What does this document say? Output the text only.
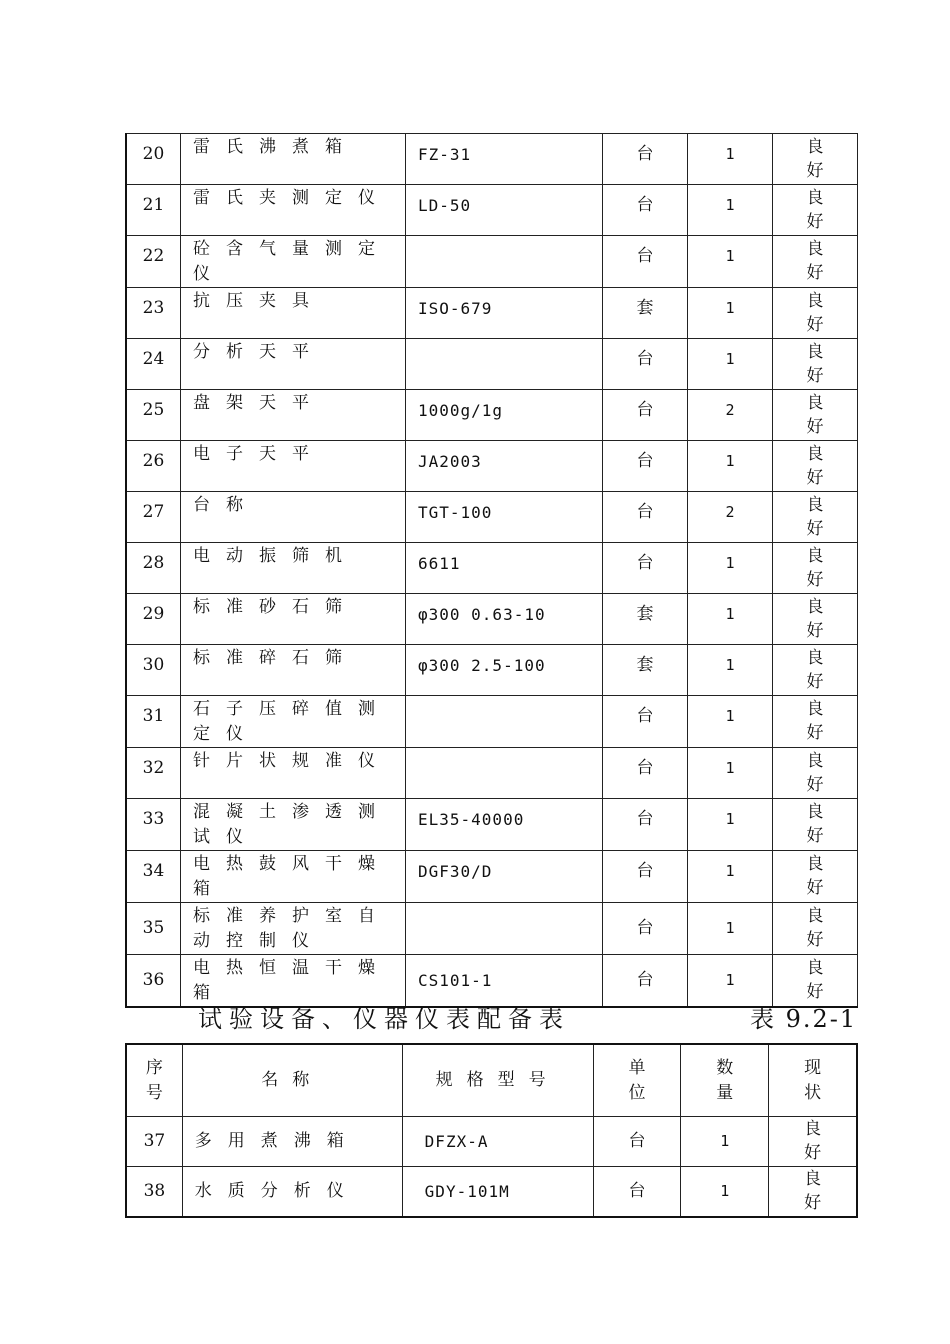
20	雷氏沸煮箱	FZ-31	台	1	良好
21	雷氏夹测定仪	LD-50	台	1	良好
22	砼含气量测定仪		台	1	良好
23	抗压夹具	ISO-679	套	1	良好
24	分析天平		台	1	良好
25	盘架天平	1000g/1g	台	2	良好
26	电子天平	JA2003	台	1	良好
27	台称	TGT-100	台	2	良好
28	电动振筛机	6611	台	1	良好
29	标准砂石筛	φ300 0.63-10	套	1	良好
30	标准碎石筛	φ300 2.5-100	套	1	良好
31	石子压碎值测定仪		台	1	良好
32	针片状规准仪		台	1	良好
33	混凝土渗透测试仪	EL35-40000	台	1	良好
34	电热鼓风干燥箱	DGF30/D	台	1	良好
35	标准养护室自动控制仪		台	1	良好
36	电热恒温干燥箱	CS101-1	台	1	良好
试验设备、仪器仪表配备表	表 9.2-1
序号	名称	规格型号	单位	数量	现状
37	多用煮沸箱	DFZX-A	台	1	良好
38	水质分析仪	GDY-101M	台	1	良好
